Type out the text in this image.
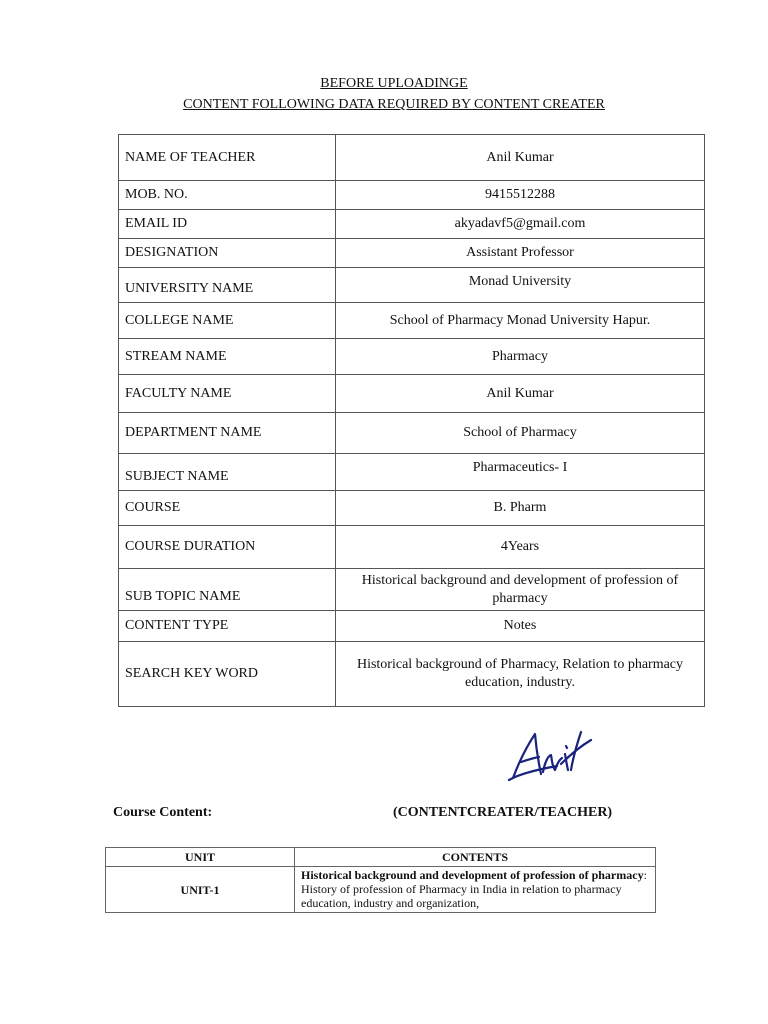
BEFORE UPLOADINGE
CONTENT FOLLOWING DATA REQUIRED BY CONTENT CREATER
NAME OF TEACHER	Anil Kumar
MOB. NO.	9415512288
EMAIL ID	akyadavf5@gmail.com
DESIGNATION	Assistant Professor
UNIVERSITY NAME	Monad University
COLLEGE NAME	School of Pharmacy Monad University Hapur.
STREAM NAME	Pharmacy
FACULTY NAME	Anil Kumar
DEPARTMENT NAME	School of Pharmacy
SUBJECT NAME	Pharmaceutics- I
COURSE	B. Pharm
COURSE DURATION	4Years
SUB TOPIC NAME	Historical background and development of profession of pharmacy
CONTENT TYPE	Notes
SEARCH KEY WORD	Historical background of Pharmacy, Relation to pharmacy education, industry.
Course Content:	(CONTENTCREATER/TEACHER)
UNIT	CONTENTS
UNIT-1	Historical background and development of profession of pharmacy:
History of profession of Pharmacy in India in relation to pharmacy education, industry and organization,
